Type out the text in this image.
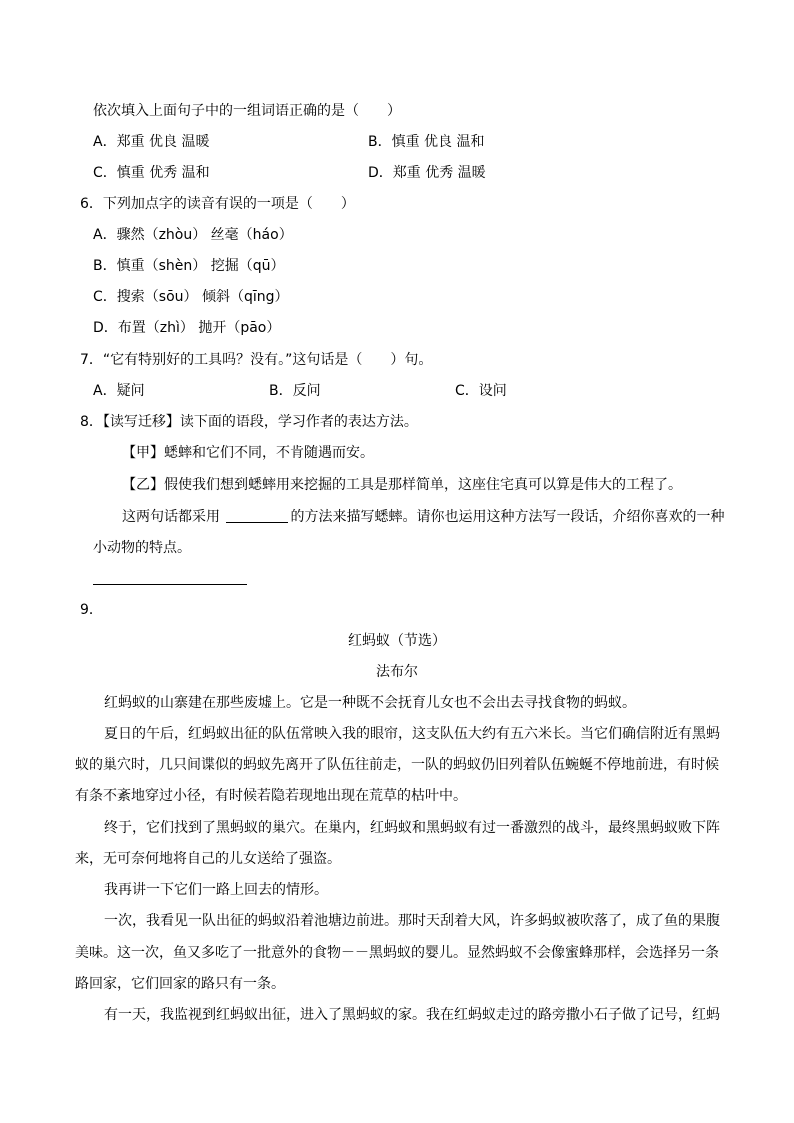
依次填入上面句子中的一组词语正确的是（　　）
A．郑重 优良 温暖	B．慎重 优良 温和
C．慎重 优秀 温和	D．郑重 优秀 温暖
6．下列加点字的读音有误的一项是（　　）
A．骤然（zhòu） 丝毫（háo）
B．慎重（shèn） 挖掘（qū）
C．搜索（sōu） 倾斜（qīng）
D．布置（zhì） 抛开（pāo）
7．“它有特别好的工具吗？没有。”这句话是（　　）句。
A．疑问	B．反问	C．设问
8．【读写迁移】读下面的语段，学习作者的表达方法。
【甲】蟋蟀和它们不同，不肯随遇而安。
【乙】假使我们想到蟋蟀用来挖掘的工具是那样简单，这座住宅真可以算是伟大的工程了。
这两句话都采用	的方法来描写蟋蟀。请你也运用这种方法写一段话，介绍你喜欢的一种
小动物的特点。
9．
红蚂蚁（节选）
法布尔
红蚂蚁的山寨建在那些废墟上。它是一种既不会抚育儿女也不会出去寻找食物的蚂蚁。
夏日的午后，红蚂蚁出征的队伍常映入我的眼帘，这支队伍大约有五六米长。当它们确信附近有黑蚂
蚁的巢穴时，几只间谍似的蚂蚁先离开了队伍往前走，一队的蚂蚁仍旧列着队伍蜿蜒不停地前进，有时候
有条不紊地穿过小径，有时候若隐若现地出现在荒草的枯叶中。
终于，它们找到了黑蚂蚁的巢穴。在巢内，红蚂蚁和黑蚂蚁有过一番激烈的战斗，最终黑蚂蚁败下阵
来，无可奈何地将自己的儿女送给了强盗。
我再讲一下它们一路上回去的情形。
一次，我看见一队出征的蚂蚁沿着池塘边前进。那时天刮着大风，许多蚂蚁被吹落了，成了鱼的果腹
美味。这一次，鱼又多吃了一批意外的食物－－黑蚂蚁的婴儿。显然蚂蚁不会像蜜蜂那样，会选择另一条
路回家，它们回家的路只有一条。
有一天，我监视到红蚂蚁出征，进入了黑蚂蚁的家。我在红蚂蚁走过的路旁撒小石子做了记号，红蚂
